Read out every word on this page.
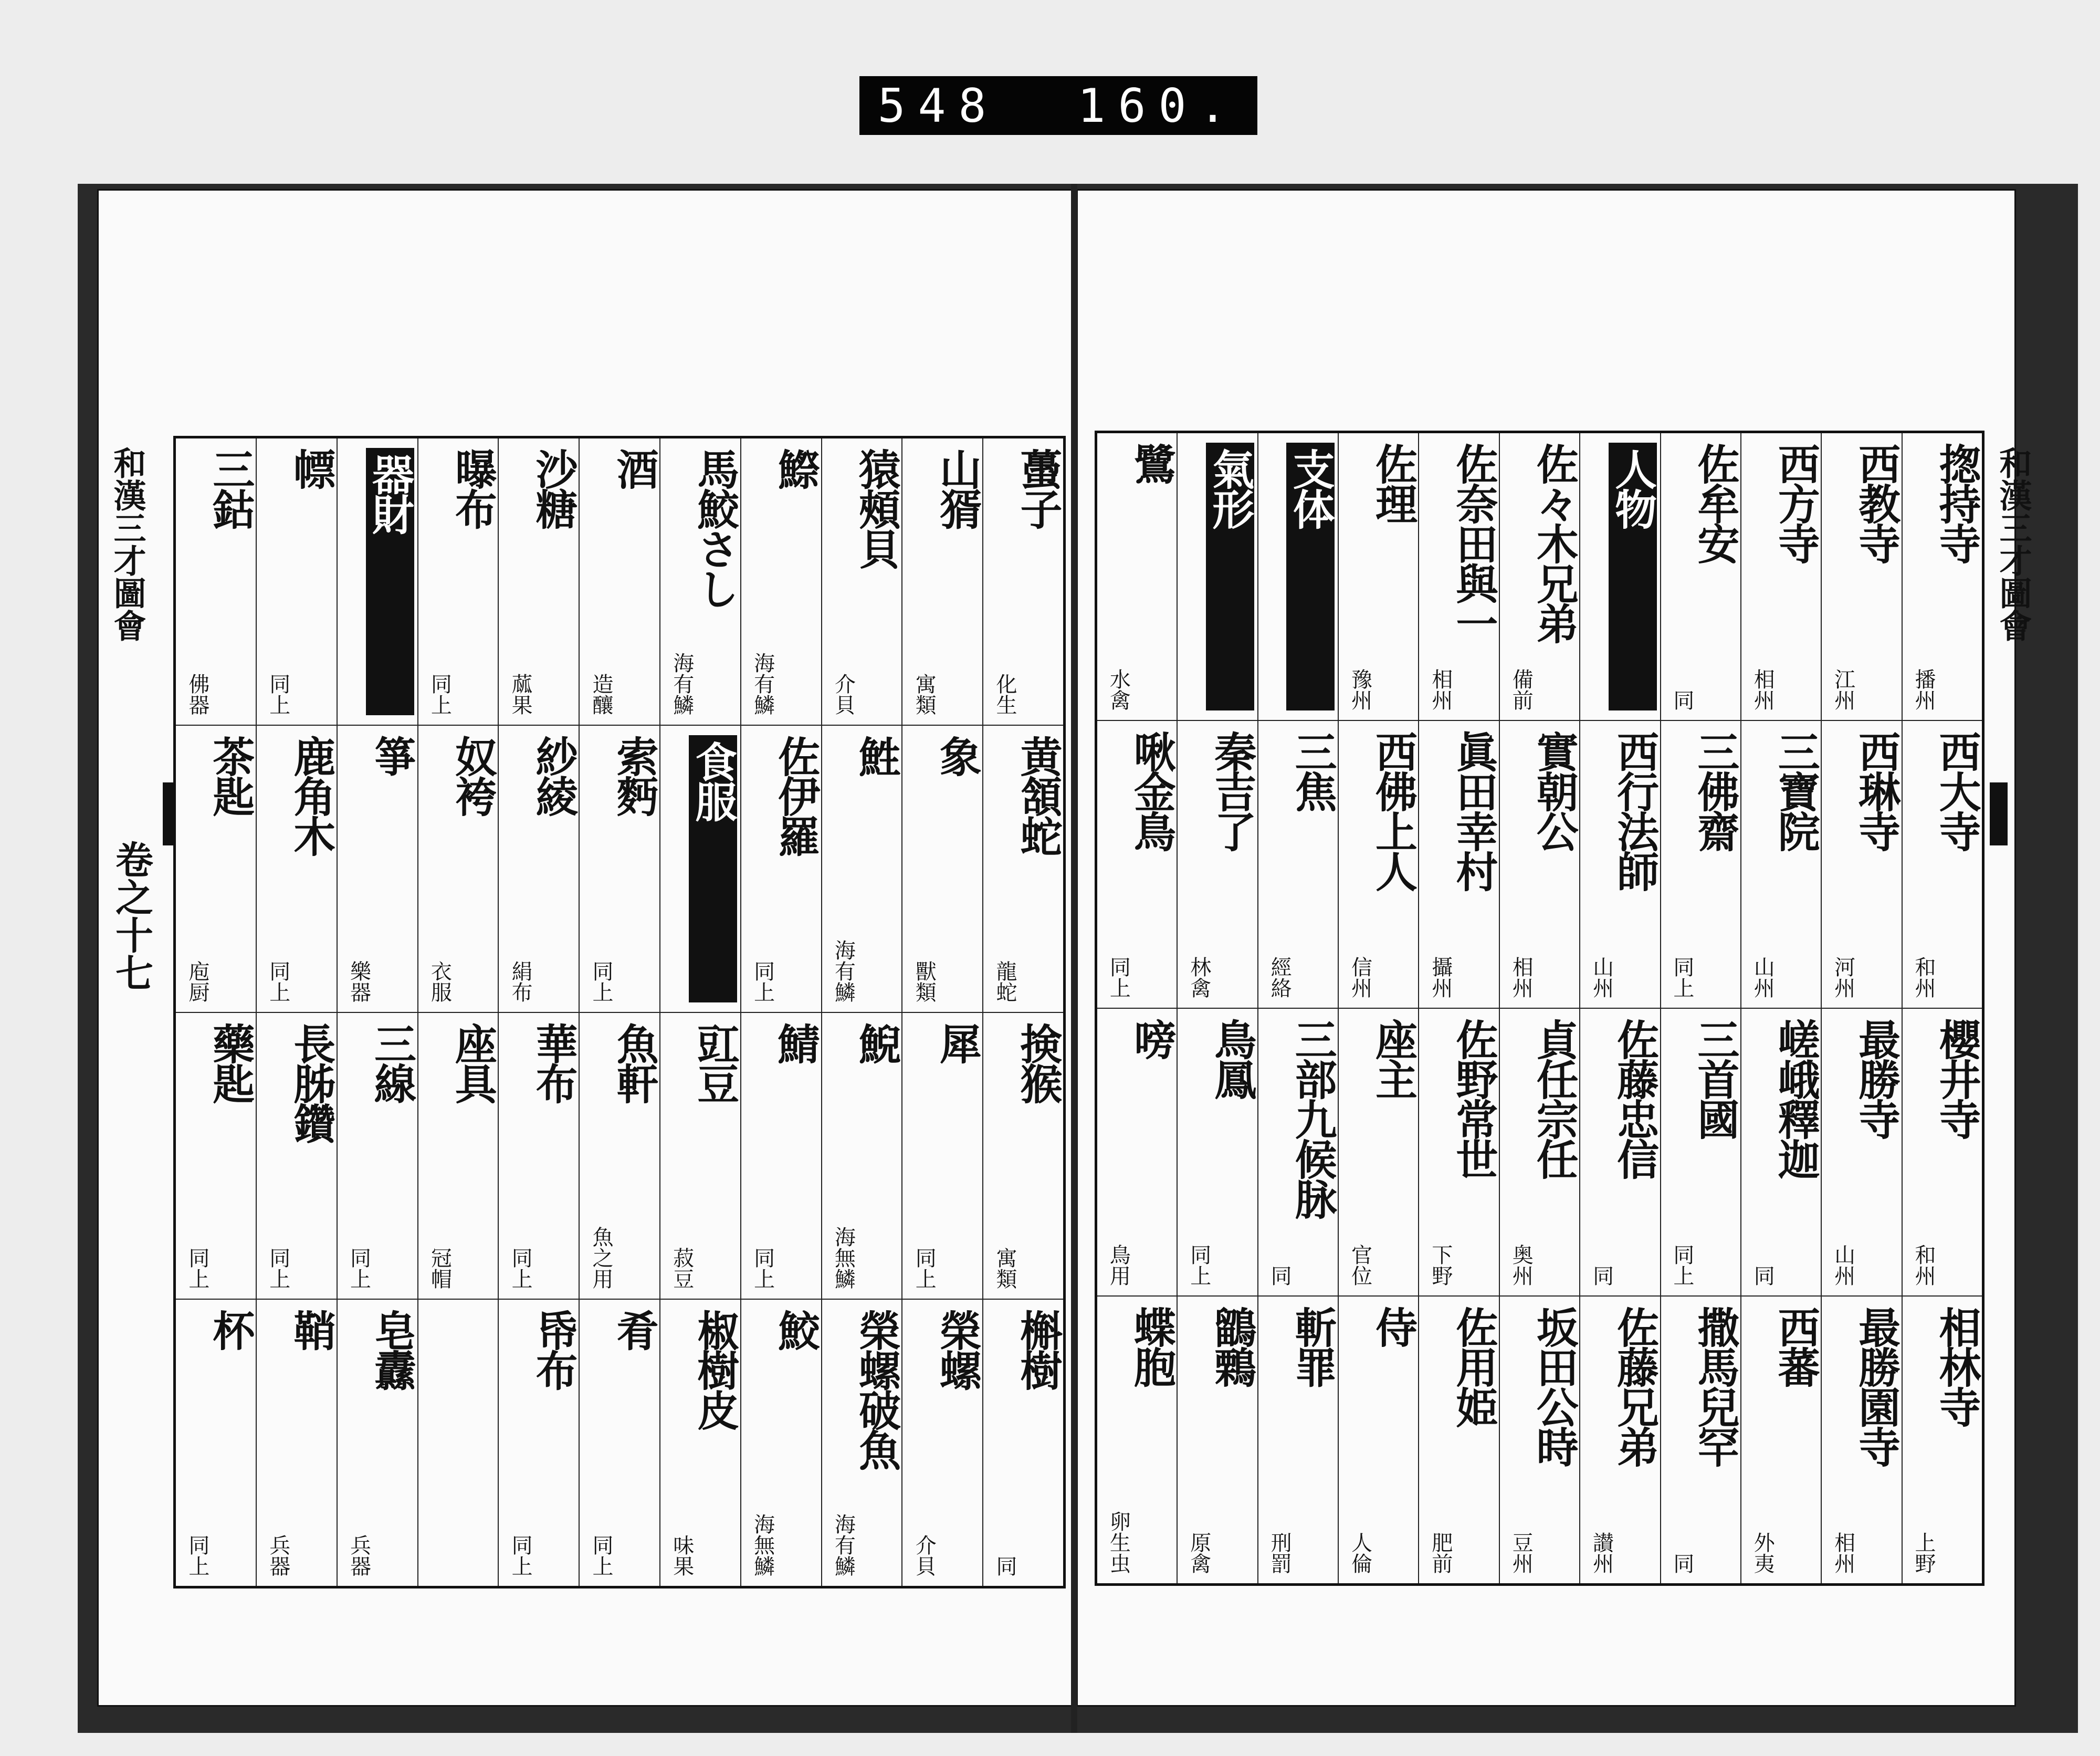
548 160.
和漢三才圖會
卷之十七
和漢三才圖會
蠆子
化生
黄頷蛇
龍蛇
𢮦猴
寓類
槲樹
同
山𤟠
寓類
象
獸類
犀
同上
榮螺
介貝
猿頰貝
介貝
鮏
海有鱗
鯢
海無鱗
榮螺破魚
海有鱗
鰶
海有鱗
佐伊羅
同上
鯖
同上
鮫
海無鱗
馬鮫さし
海有鱗
食服
豇豆
菽豆
椒樹皮
味果
酒
造釀
索麪
同上
魚軒
魚之用
肴
同上
沙糖
蓏果
紗綾
絹布
華布
同上
帋布
同上
曝布
同上
奴袴
衣服
座具
冠帽
器財
箏
樂器
三線
同上
皂纛
兵器
幖
同上
鹿角木
同上
長胏鑽
同上
鞘
兵器
三鈷
佛器
茶匙
庖厨
藥匙
同上
杯
同上
揔持寺
播州
西大寺
和州
櫻井寺
和州
相林寺
上野
西教寺
江州
西琳寺
河州
最勝寺
山州
最勝園寺
相州
西方寺
相州
三寶院
山州
嵯峨釋迦
同
西蕃
外夷
佐牟安
同
三佛齋
同上
三首國
同上
撒馬兒罕
同
人物
西行法師
山州
佐藤忠信
同
佐藤兄弟
讃州
佐々木兄弟
備前
實朝公
相州
貞任宗任
奥州
坂田公時
豆州
佐奈田與一
相州
眞田幸村
攝州
佐野常世
下野
佐用姫
肥前
佐理
豫州
西佛上人
信州
座主
官位
侍
人倫
支体
三焦
經絡
三部九候脉
同
斬罪
刑罰
氣形
秦吉了
林禽
鳥鳳
同上
鶹鷅
原禽
鷺
水禽
啾金鳥
同上
嗙
鳥用
蝶胞
卵生虫
